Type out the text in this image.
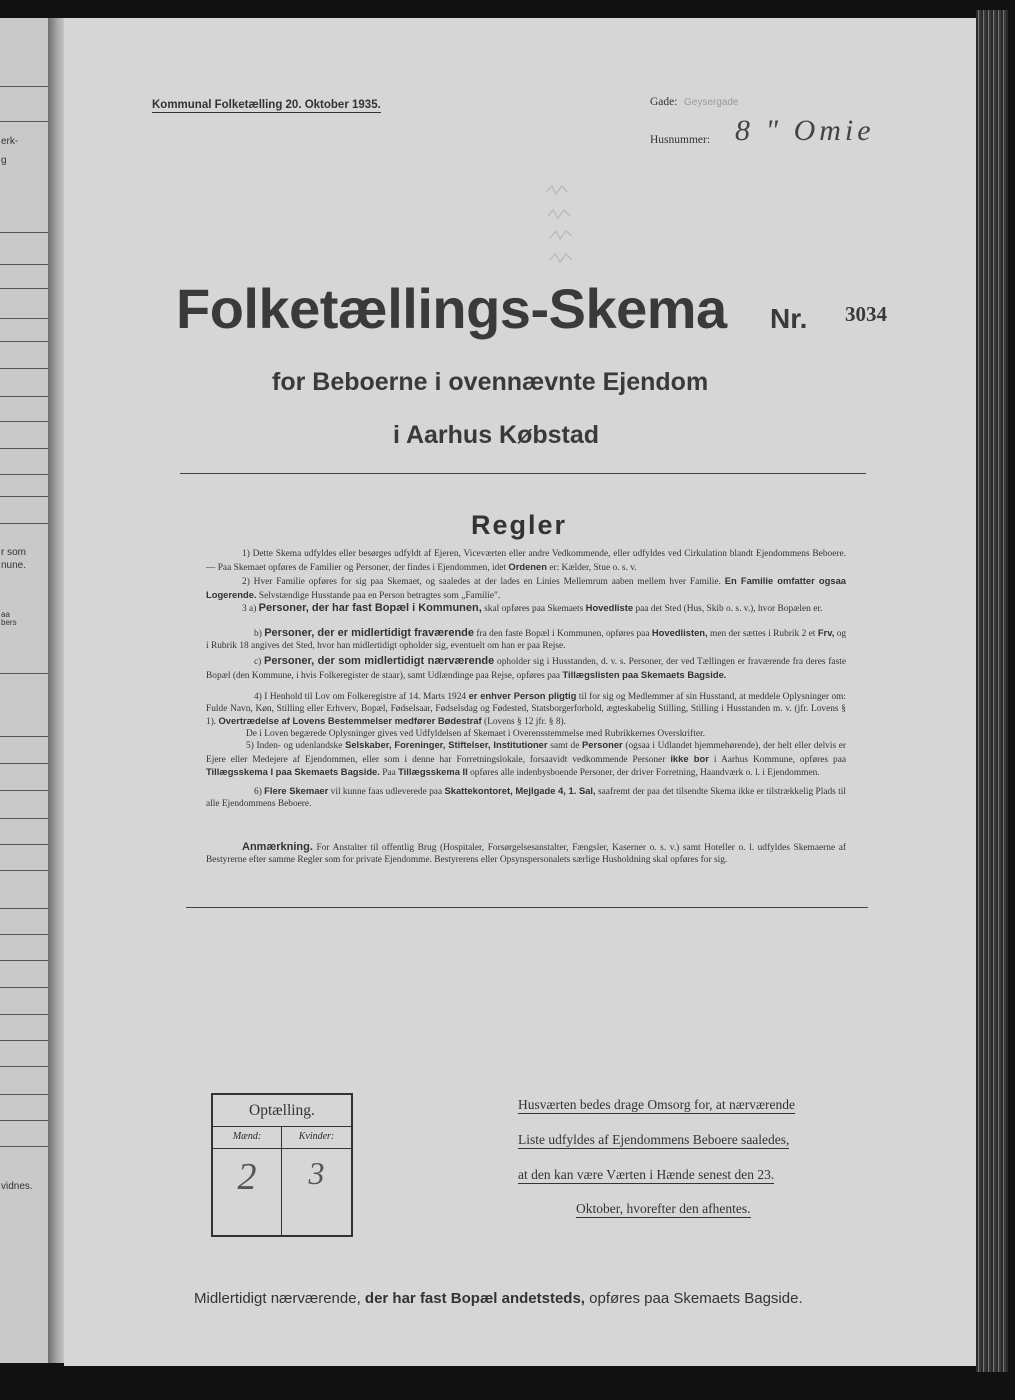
erk-
g
r som
nune.
aa
bers
vidnes.
Kommunal Folketælling 20. Oktober 1935.	Gade: Geysergade
Husnummer: 8 " Omie
Folketællings-Skema Nr. 3034
for Beboerne i ovennævnte Ejendom
i Aarhus Købstad
Regler
1) Dette Skema udfyldes eller besørges udfyldt af Ejeren, Viceværten eller andre Vedkommende, eller udfyldes ved Cirkulation blandt Ejendommens Beboere. — Paa Skemaet opføres de Familier og Personer, der findes i Ejendommen, idet Ordenen er: Kælder, Stue o. s. v.
2) Hver Familie opføres for sig paa Skemaet, og saaledes at der lades en Linies Mellemrum aaben mellem hver Familie. En Familie omfatter ogsaa Logerende. Selvstændige Husstande paa en Person betragtes som „Familie".
3 a) Personer, der har fast Bopæl i Kommunen, skal opføres paa Skemaets Hovedliste paa det Sted (Hus, Skib o. s. v.), hvor Bopælen er.
b) Personer, der er midlertidigt fraværende fra den faste Bopæl i Kommunen, opføres paa Hovedlisten, men der sættes i Rubrik 2 et Frv, og i Rubrik 18 angives det Sted, hvor han midlertidigt opholder sig, eventuelt om han er paa Rejse.
c) Personer, der som midlertidigt nærværende opholder sig i Husstanden, d. v. s. Personer, der ved Tællingen er fraværende fra deres faste Bopæl (den Kommune, i hvis Folkeregister de staar), samt Udlændinge paa Rejse, opføres paa Tillægslisten paa Skemaets Bagside.
4) I Henhold til Lov om Folkeregistre af 14. Marts 1924 er enhver Person pligtig til for sig og Medlemmer af sin Husstand, at meddele Oplysninger om: Fulde Navn, Køn, Stilling eller Erhverv, Bopæl, Fødselsaar, Fødselsdag og Fødested, Statsborgerforhold, ægteskabelig Stilling, Stilling i Husstanden m. v. (jfr. Lovens § 1). Overtrædelse af Lovens Bestemmelser medfører Bødestraf (Lovens § 12 jfr. § 8).
De i Loven begærede Oplysninger gives ved Udfyldelsen af Skemaet i Overensstemmelse med Rubrikkernes Overskrifter.
5) Inden- og udenlandske Selskaber, Foreninger, Stiftelser, Institutioner samt de Personer (ogsaa i Udlandet hjemmehørende), der helt eller delvis er Ejere eller Medejere af Ejendommen, eller som i denne har Forretningslokale, forsaavidt vedkommende Personer ikke bor i Aarhus Kommune, opføres paa Tillægsskema I paa Skemaets Bagside. Paa Tillægsskema II opføres alle indenbysboende Personer, der driver Forretning, Haandværk o. l. i Ejendommen.
6) Flere Skemaer vil kunne faas udleverede paa Skattekontoret, Mejlgade 4, 1. Sal, saafremt der paa det tilsendte Skema ikke er tilstrækkelig Plads til alle Ejendommens Beboere.
Anmærkning. For Anstalter til offentlig Brug (Hospitaler, Forsørgelsesanstalter, Fængsler, Kaserner o. s. v.) samt Hoteller o. l. udfyldes Skemaerne af Bestyrerne efter samme Regler som for private Ejendomme. Bestyrerens eller Opsynspersonalets særlige Husholdning skal opføres for sig.
Optælling.
Mænd:	Kvinder:
2	3
Husværten bedes drage Omsorg for, at nærværende
Liste udfyldes af Ejendommens Beboere saaledes,
at den kan være Værten i Hænde senest den 23.
Oktober, hvorefter den afhentes.
Midlertidigt nærværende, der har fast Bopæl andetsteds, opføres paa Skemaets Bagside.
